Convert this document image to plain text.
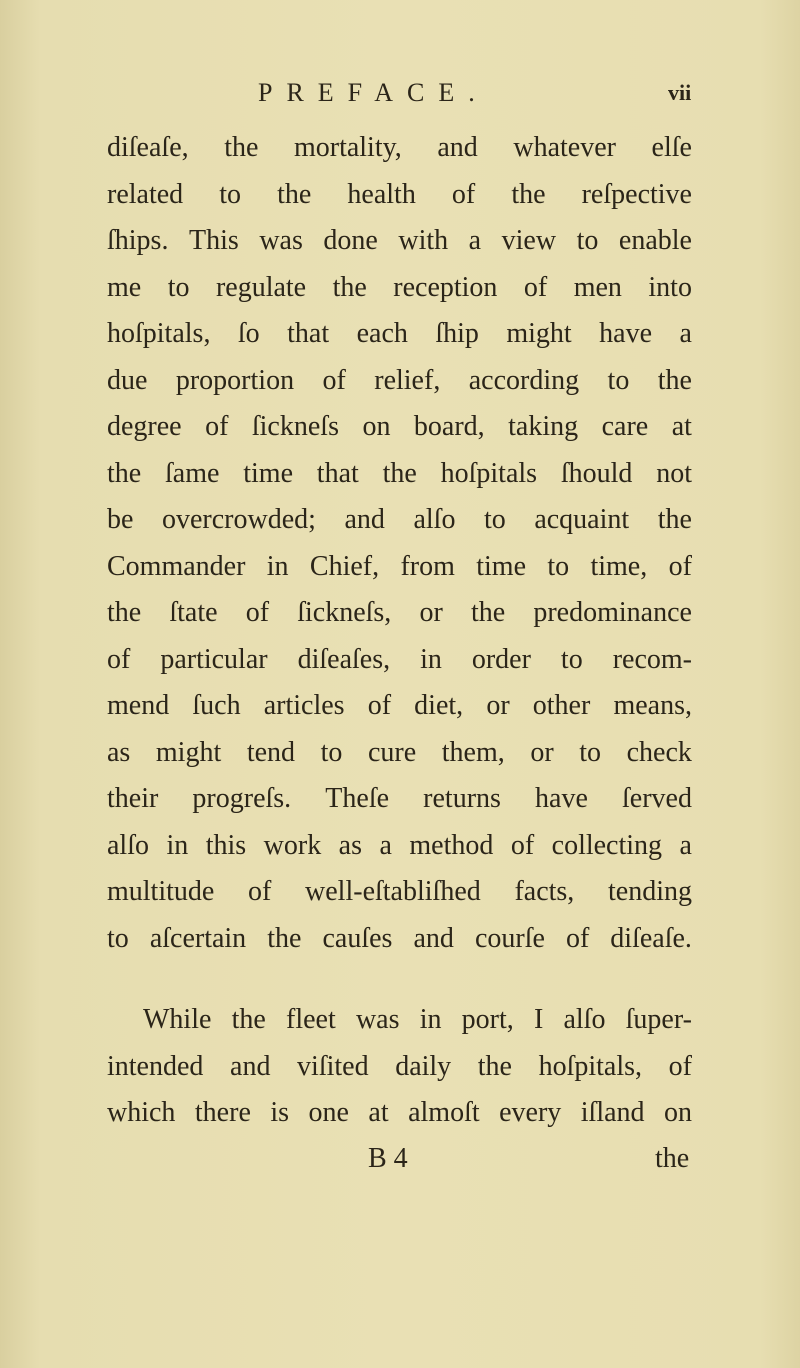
PREFACE.	vii
diſeaſe, the mortality, and whatever elſe
related to the health of the reſpective
ſhips. This was done with a view to enable
me to regulate the reception of men into
hoſpitals, ſo that each ſhip might have a
due proportion of relief, according to the
degree of ſickneſs on board, taking care at
the ſame time that the hoſpitals ſhould not
be overcrowded; and alſo to acquaint the
Commander in Chief, from time to time, of
the ſtate of ſickneſs, or the predominance
of particular diſeaſes, in order to recom-
mend ſuch articles of diet, or other means,
as might tend to cure them, or to check
their progreſs. Theſe returns have ſerved
alſo in this work as a method of collecting a
multitude of well-eſtabliſhed facts, tending
to aſcertain the cauſes and courſe of diſeaſe.
While the fleet was in port, I alſo ſuper-
intended and viſited daily the hoſpitals, of
which there is one at almoſt every iſland on
B 4	the
